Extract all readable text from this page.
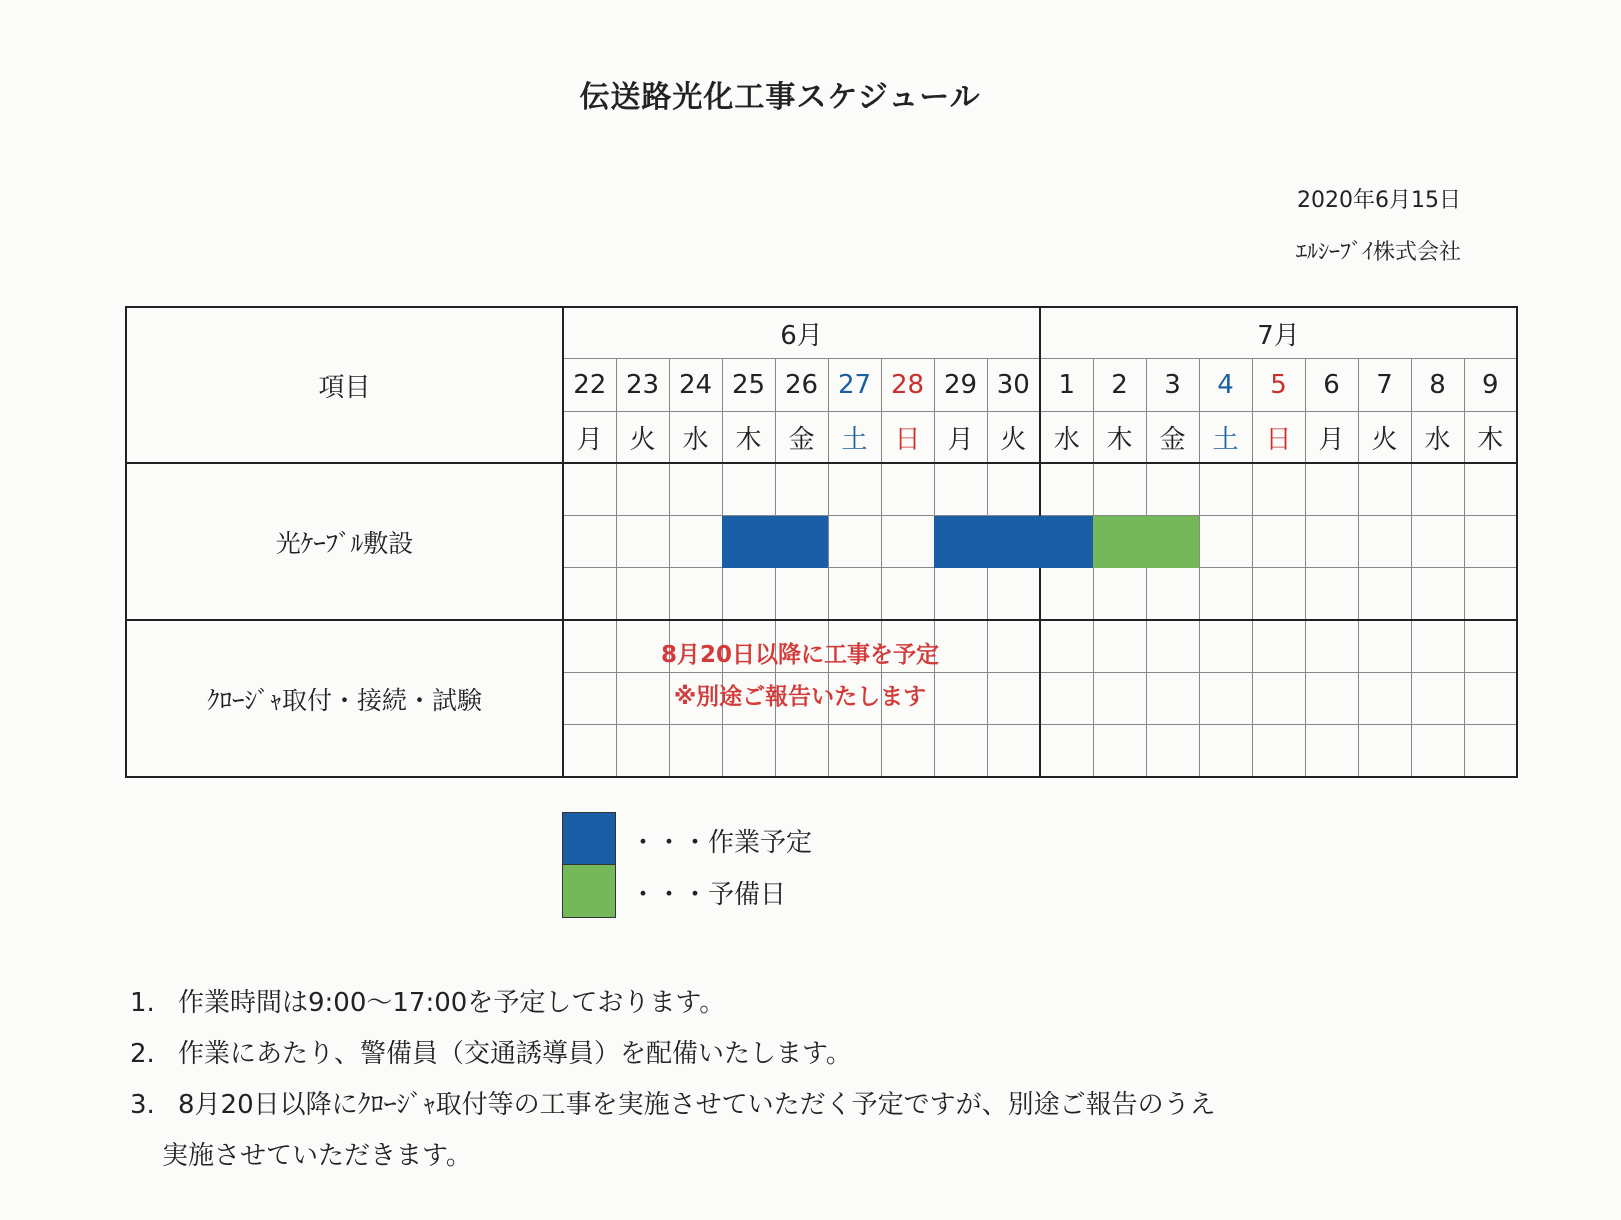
伝送路光化工事スケジュール
2020年6月15日
ｴﾙｼｰﾌﾞｲ株式会社
項目	6月									7月								
	22	23	24	25	26	27	28	29	30	1	2	3	4	5	6	7	8	9
	月	火	水	木	金	土	日	月	火	水	木	金	土	日	月	火	水	木
光ｹｰﾌﾞﾙ敷設																		

ｸﾛｰｼﾞｬ取付・接続・試験																		

8月20日以降に工事を予定
※別途ご報告いたします
・・・作業予定
・・・予備日
1. 作業時間は9:00～17:00を予定しております。
2. 作業にあたり、警備員（交通誘導員）を配備いたします。
3. 8月20日以降にｸﾛｰｼﾞｬ取付等の工事を実施させていただく予定ですが、別途ご報告のうえ
実施させていただきます。
